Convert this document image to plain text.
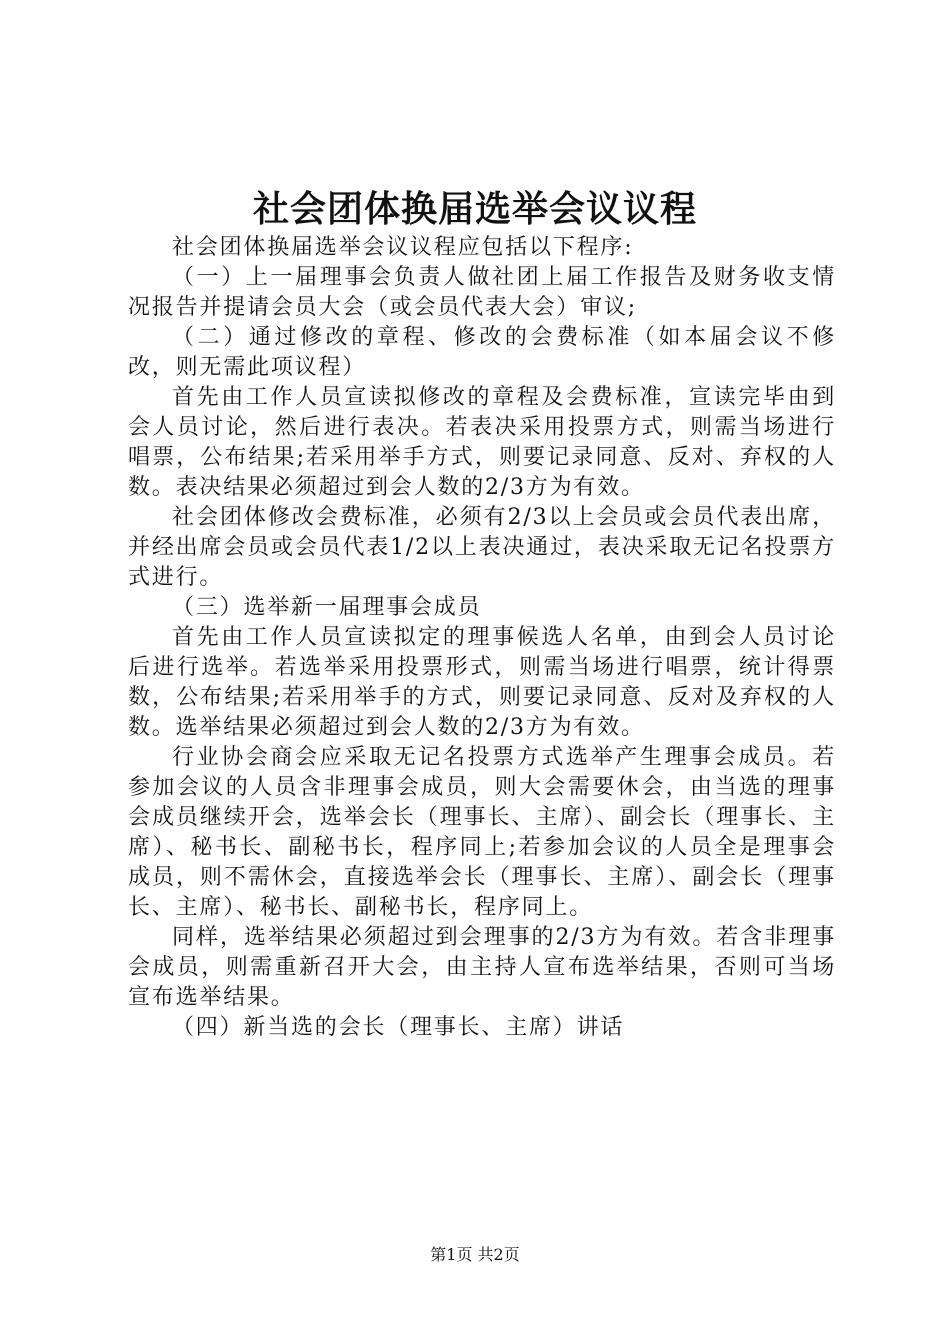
社会团体换届选举会议议程

社会团体换届选举会议议程应包括以下程序:

（一）上一届理事会负责人做社团上届工作报告及财务收支情况报告并提请会员大会（或会员代表大会）审议;

（二）通过修改的章程、修改的会费标准（如本届会议不修改，则无需此项议程）

首先由工作人员宣读拟修改的章程及会费标准，宣读完毕由到会人员讨论，然后进行表决。若表决采用投票方式，则需当场进行唱票，公布结果;若采用举手方式，则要记录同意、反对、弃权的人数。表决结果必须超过到会人数的2/3方为有效。

社会团体修改会费标准，必须有2/3以上会员或会员代表出席，并经出席会员或会员代表1/2以上表决通过，表决采取无记名投票方式进行。

（三）选举新一届理事会成员

首先由工作人员宣读拟定的理事候选人名单，由到会人员讨论后进行选举。若选举采用投票形式，则需当场进行唱票，统计得票数，公布结果;若采用举手的方式，则要记录同意、反对及弃权的人数。选举结果必须超过到会人数的2/3方为有效。

行业协会商会应采取无记名投票方式选举产生理事会成员。若参加会议的人员含非理事会成员，则大会需要休会，由当选的理事会成员继续开会，选举会长（理事长、主席）、副会长（理事长、主席）、秘书长、副秘书长，程序同上;若参加会议的人员全是理事会成员，则不需休会，直接选举会长（理事长、主席）、副会长（理事长、主席）、秘书长、副秘书长，程序同上。

同样，选举结果必须超过到会理事的2/3方为有效。若含非理事会成员，则需重新召开大会，由主持人宣布选举结果，否则可当场宣布选举结果。

（四）新当选的会长（理事长、主席）讲话

第1页 共2页
